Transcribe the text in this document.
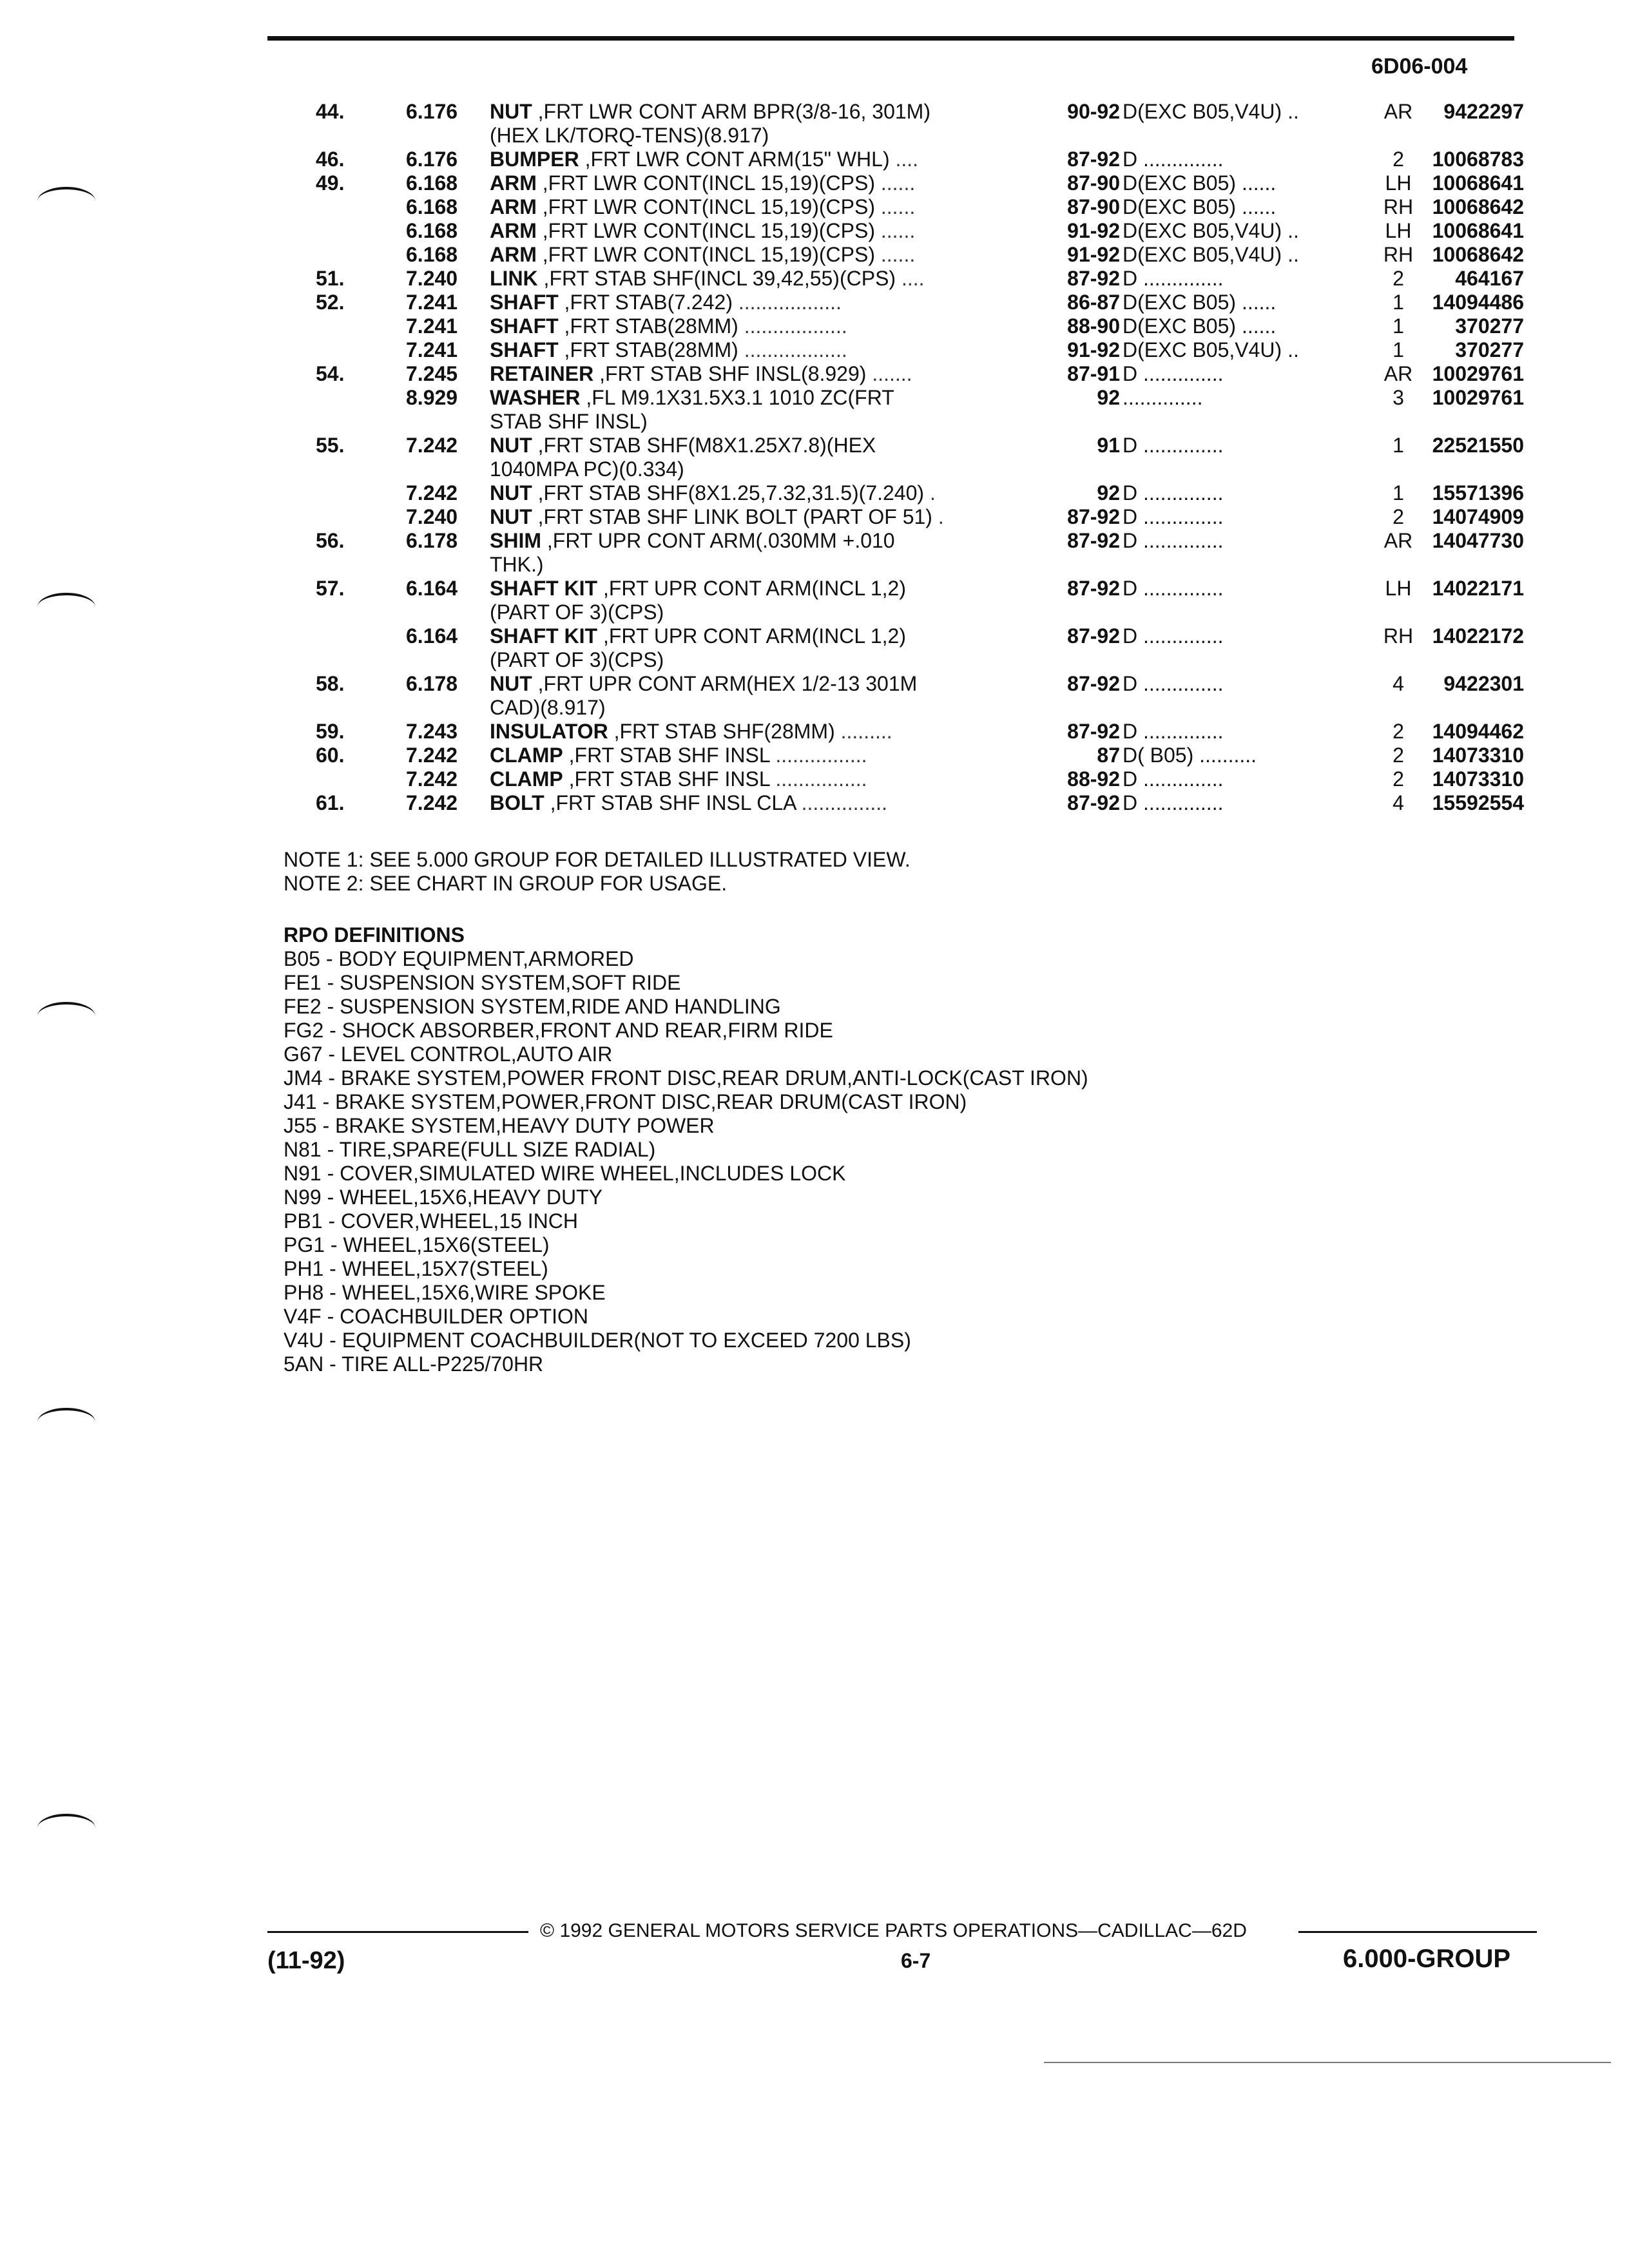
6D06-004
44.	6.176	90-92 D(EXC B05,V4U) ..	AR	9422297
NUT ,FRT LWR CONT ARM BPR(3/8-16, 301M)
(HEX LK/TORQ-TENS)(8.917)
46.	6.176	87-92 D ..............	2	10068783
BUMPER ,FRT LWR CONT ARM(15" WHL) ....
49.	6.168	87-90 D(EXC B05) ......	LH	10068641
ARM ,FRT LWR CONT(INCL 15,19)(CPS) ......
6.168	87-90 D(EXC B05) ......	RH 10068642
ARM ,FRT LWR CONT(INCL 15,19)(CPS) ......
6.168	91-92 D(EXC B05,V4U) ..	LH	10068641
ARM ,FRT LWR CONT(INCL 15,19)(CPS) ......
6.168	91-92 D(EXC B05,V4U) ..	RH 10068642
ARM ,FRT LWR CONT(INCL 15,19)(CPS) ......
51.	7.240	87-92 D ..............	2	464167
LINK ,FRT STAB SHF(INCL 39,42,55)(CPS) ....
52.	7.241	86-87 D(EXC B05) ......	1	14094486
SHAFT ,FRT STAB(7.242) ..................
7.241	88-90 D(EXC B05) ......	1	370277
SHAFT ,FRT STAB(28MM) ..................
7.241	91-92 D(EXC B05,V4U) ..	1	370277
SHAFT ,FRT STAB(28MM) ..................
54.	7.245	87-91 D ..............	AR 10029761
RETAINER ,FRT STAB SHF INSL(8.929) .......
8.929	92 ..............	3	10029761
WASHER ,FL M9.1X31.5X3.1 1010 ZC(FRT
STAB SHF INSL)
55.	7.242	91 D ..............	1	22521550
NUT ,FRT STAB SHF(M8X1.25X7.8)(HEX
1040MPA PC)(0.334)
7.242	92 D ..............	1	15571396
NUT ,FRT STAB SHF(8X1.25,7.32,31.5)(7.240) .
7.240	87-92 D ..............	2	14074909
NUT ,FRT STAB SHF LINK BOLT (PART OF 51) .
56.	6.178	87-92 D ..............	AR 14047730
SHIM ,FRT UPR CONT ARM(.030MM +.010
THK.)
57.	6.164	87-92 D ..............	LH	14022171
SHAFT KIT ,FRT UPR CONT ARM(INCL 1,2)
(PART OF 3)(CPS)
6.164	87-92 D ..............	RH 14022172
SHAFT KIT ,FRT UPR CONT ARM(INCL 1,2)
(PART OF 3)(CPS)
58.	6.178	87-92 D ..............	4	9422301
NUT ,FRT UPR CONT ARM(HEX 1/2-13 301M
CAD)(8.917)
59.	7.243	87-92 D ..............	2	14094462
INSULATOR ,FRT STAB SHF(28MM) .........
60.	7.242	87 D( B05) ..........	2	14073310
CLAMP ,FRT STAB SHF INSL ................
7.242	88-92 D ..............	2	14073310
CLAMP ,FRT STAB SHF INSL ................
61.	7.242	87-92 D ..............	4	15592554
BOLT ,FRT STAB SHF INSL CLA ...............
NOTE 1: SEE 5.000 GROUP FOR DETAILED ILLUSTRATED VIEW.
NOTE 2: SEE CHART IN GROUP FOR USAGE.
RPO DEFINITIONS
B05 - BODY EQUIPMENT,ARMORED
FE1 - SUSPENSION SYSTEM,SOFT RIDE
FE2 - SUSPENSION SYSTEM,RIDE AND HANDLING
FG2 - SHOCK ABSORBER,FRONT AND REAR,FIRM RIDE
G67 - LEVEL CONTROL,AUTO AIR
JM4 - BRAKE SYSTEM,POWER FRONT DISC,REAR DRUM,ANTI-LOCK(CAST IRON)
J41 - BRAKE SYSTEM,POWER,FRONT DISC,REAR DRUM(CAST IRON)
J55 - BRAKE SYSTEM,HEAVY DUTY POWER
N81 - TIRE,SPARE(FULL SIZE RADIAL)
N91 - COVER,SIMULATED WIRE WHEEL,INCLUDES LOCK
N99 - WHEEL,15X6,HEAVY DUTY
PB1 - COVER,WHEEL,15 INCH
PG1 - WHEEL,15X6(STEEL)
PH1 - WHEEL,15X7(STEEL)
PH8 - WHEEL,15X6,WIRE SPOKE
V4F - COACHBUILDER OPTION
V4U - EQUIPMENT COACHBUILDER(NOT TO EXCEED 7200 LBS)
5AN - TIRE ALL-P225/70HR
© 1992 GENERAL MOTORS SERVICE PARTS OPERATIONS—CADILLAC—62D
(11-92)	6-7	6.000-GROUP
